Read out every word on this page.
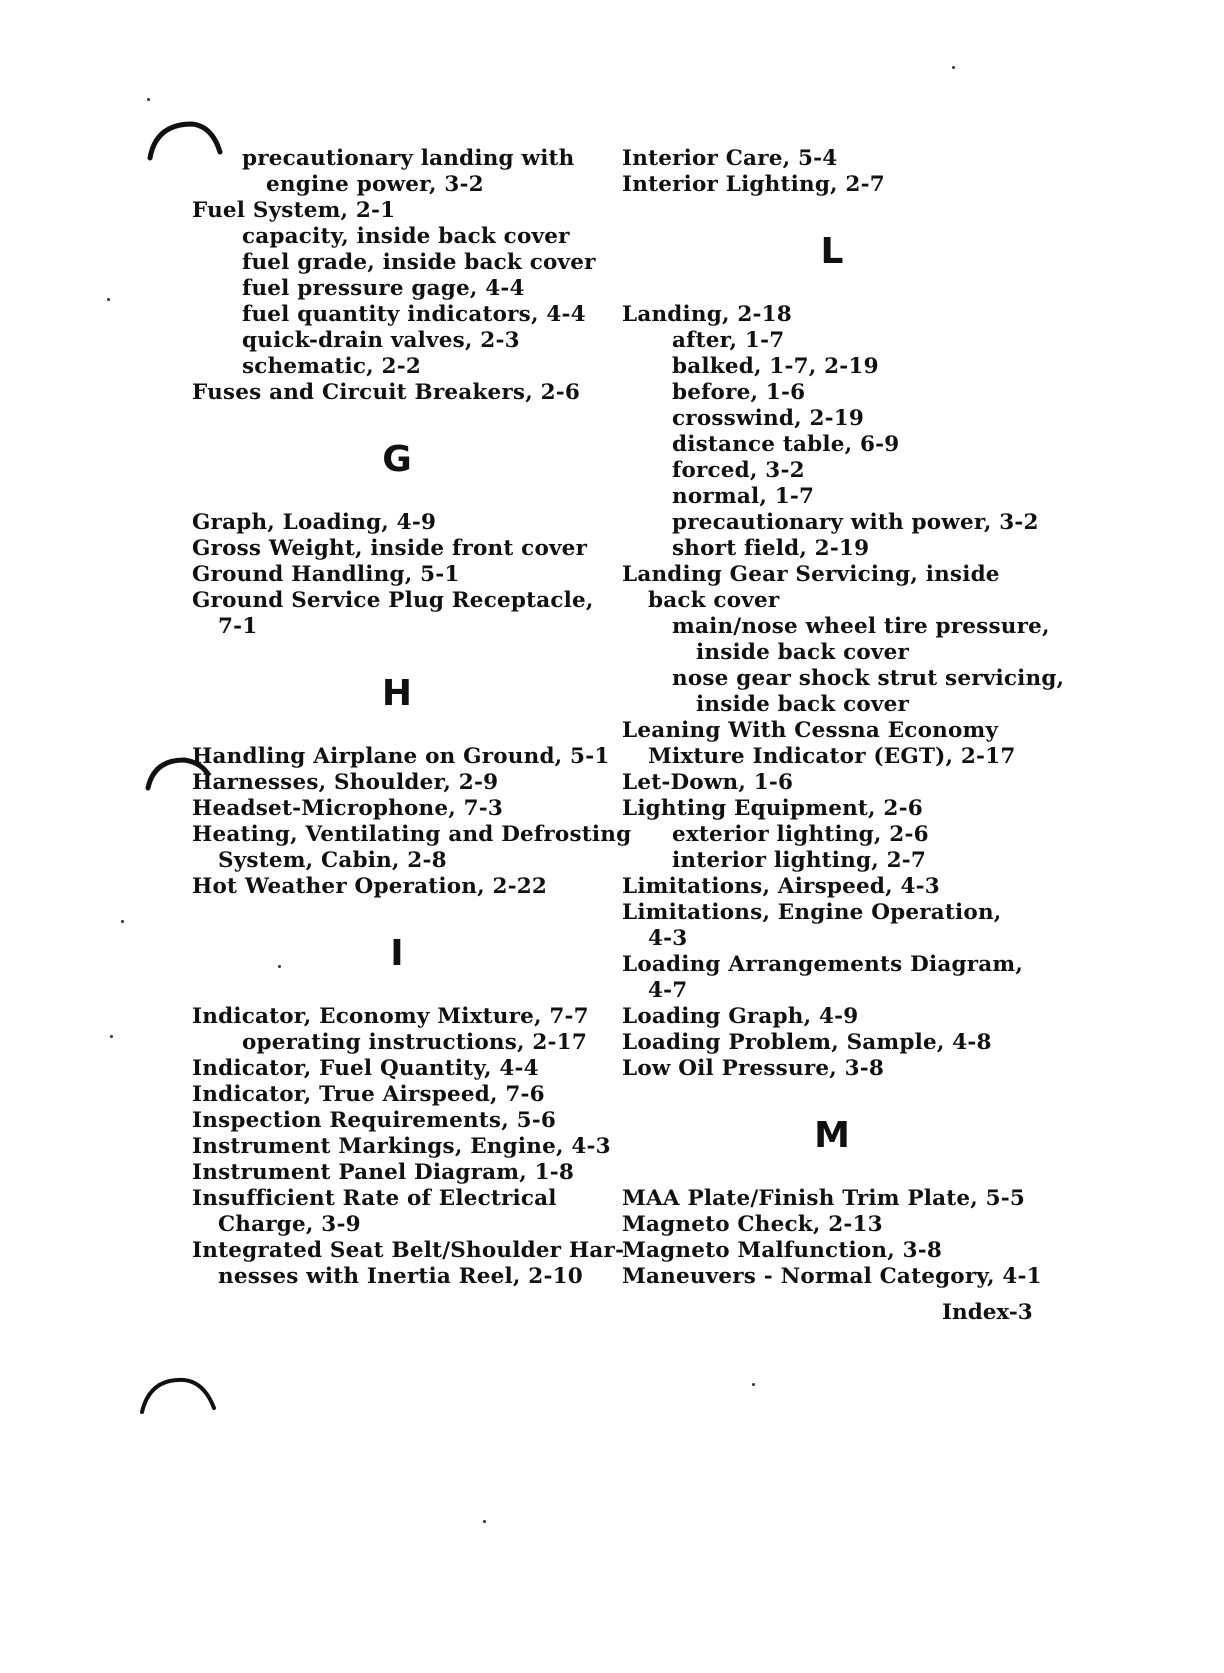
precautionary landing with
engine power, 3-2
Fuel System, 2-1
capacity, inside back cover
fuel grade, inside back cover
fuel pressure gage, 4-4
fuel quantity indicators, 4-4
quick-drain valves, 2-3
schematic, 2-2
Fuses and Circuit Breakers, 2-6
G
Graph, Loading, 4-9
Gross Weight, inside front cover
Ground Handling, 5-1
Ground Service Plug Receptacle,
7-1
H
Handling Airplane on Ground, 5-1
Harnesses, Shoulder, 2-9
Headset-Microphone, 7-3
Heating, Ventilating and Defrosting
System, Cabin, 2-8
Hot Weather Operation, 2-22
I
Indicator, Economy Mixture, 7-7
operating instructions, 2-17
Indicator, Fuel Quantity, 4-4
Indicator, True Airspeed, 7-6
Inspection Requirements, 5-6
Instrument Markings, Engine, 4-3
Instrument Panel Diagram, 1-8
Insufficient Rate of Electrical
Charge, 3-9
Integrated Seat Belt/Shoulder Har-
nesses with Inertia Reel, 2-10
Interior Care, 5-4
Interior Lighting, 2-7
L
Landing, 2-18
after, 1-7
balked, 1-7, 2-19
before, 1-6
crosswind, 2-19
distance table, 6-9
forced, 3-2
normal, 1-7
precautionary with power, 3-2
short field, 2-19
Landing Gear Servicing, inside
back cover
main/nose wheel tire pressure,
inside back cover
nose gear shock strut servicing,
inside back cover
Leaning With Cessna Economy
Mixture Indicator (EGT), 2-17
Let-Down, 1-6
Lighting Equipment, 2-6
exterior lighting, 2-6
interior lighting, 2-7
Limitations, Airspeed, 4-3
Limitations, Engine Operation,
4-3
Loading Arrangements Diagram,
4-7
Loading Graph, 4-9
Loading Problem, Sample, 4-8
Low Oil Pressure, 3-8
M
MAA Plate/Finish Trim Plate, 5-5
Magneto Check, 2-13
Magneto Malfunction, 3-8
Maneuvers - Normal Category, 4-1
Index-3
